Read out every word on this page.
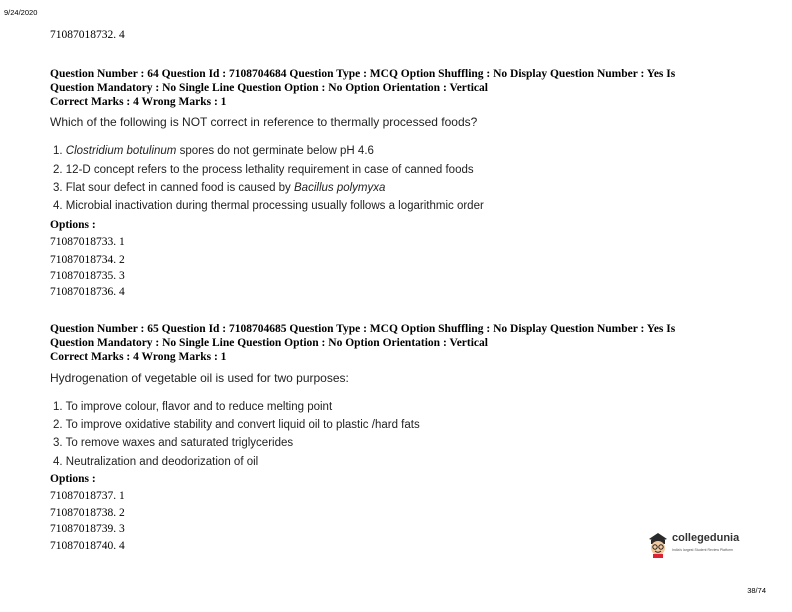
9/24/2020
71087018732. 4
Question Number : 64 Question Id : 7108704684 Question Type : MCQ Option Shuffling : No Display Question Number : Yes Is
Question Mandatory : No Single Line Question Option : No Option Orientation : Vertical
Correct Marks : 4 Wrong Marks : 1
Which of the following is NOT correct in reference to thermally processed foods?
1. Clostridium botulinum spores do not germinate below pH 4.6
2. 12-D concept refers to the process lethality requirement in case of canned foods
3. Flat sour defect in canned food is caused by Bacillus polymyxa
4. Microbial inactivation during thermal processing usually follows a logarithmic order
Options :
71087018733. 1
71087018734. 2
71087018735. 3
71087018736. 4
Question Number : 65 Question Id : 7108704685 Question Type : MCQ Option Shuffling : No Display Question Number : Yes Is
Question Mandatory : No Single Line Question Option : No Option Orientation : Vertical
Correct Marks : 4 Wrong Marks : 1
Hydrogenation of vegetable oil is used for two purposes:
1. To improve colour, flavor and to reduce melting point
2. To improve oxidative stability and convert liquid oil to plastic /hard fats
3. To remove waxes and saturated triglycerides
4. Neutralization and deodorization of oil
Options :
71087018737. 1
71087018738. 2
71087018739. 3
71087018740. 4
collegedunia
India's largest Student Review Platform
38/74
